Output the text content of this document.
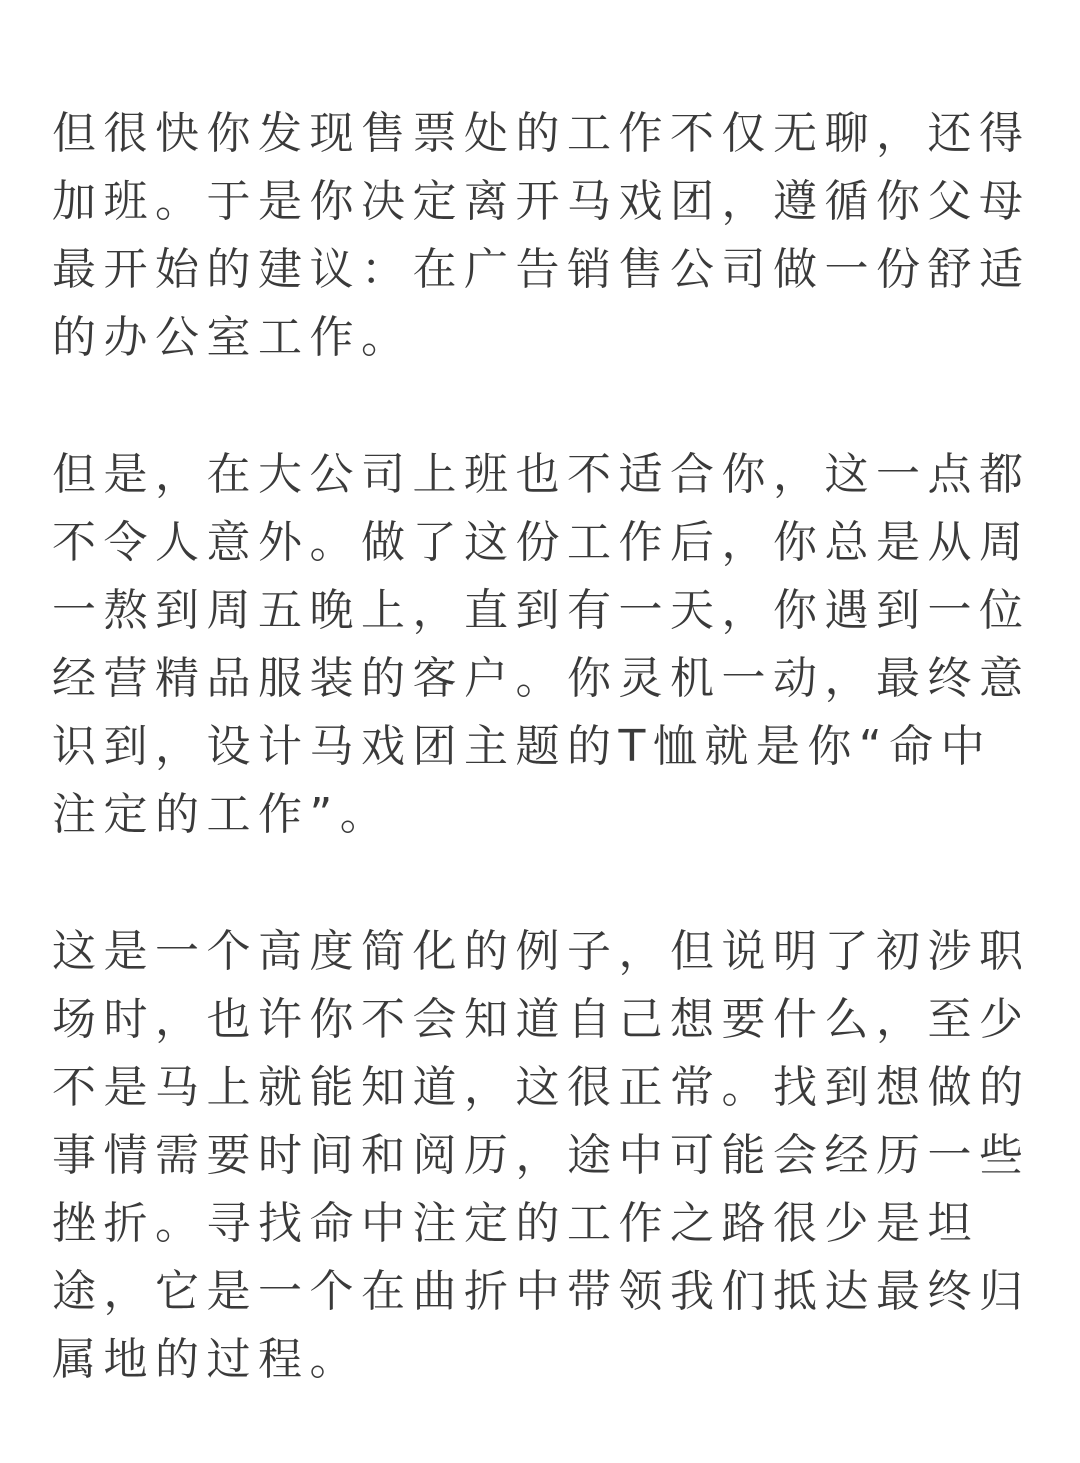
但很快你发现售票处的工作不仅无聊，还得
加班。于是你决定离开马戏团，遵循你父母
最开始的建议：在广告销售公司做一份舒适
的办公室工作。
但是，在大公司上班也不适合你，这一点都
不令人意外。做了这份工作后，你总是从周
一熬到周五晚上，直到有一天，你遇到一位
经营精品服装的客户。你灵机一动，最终意
识到，设计马戏团主题的T恤就是你“命中
注定的工作”。
这是一个高度简化的例子，但说明了初涉职
场时，也许你不会知道自己想要什么，至少
不是马上就能知道，这很正常。找到想做的
事情需要时间和阅历，途中可能会经历一些
挫折。寻找命中注定的工作之路很少是坦
途，它是一个在曲折中带领我们抵达最终归
属地的过程。
